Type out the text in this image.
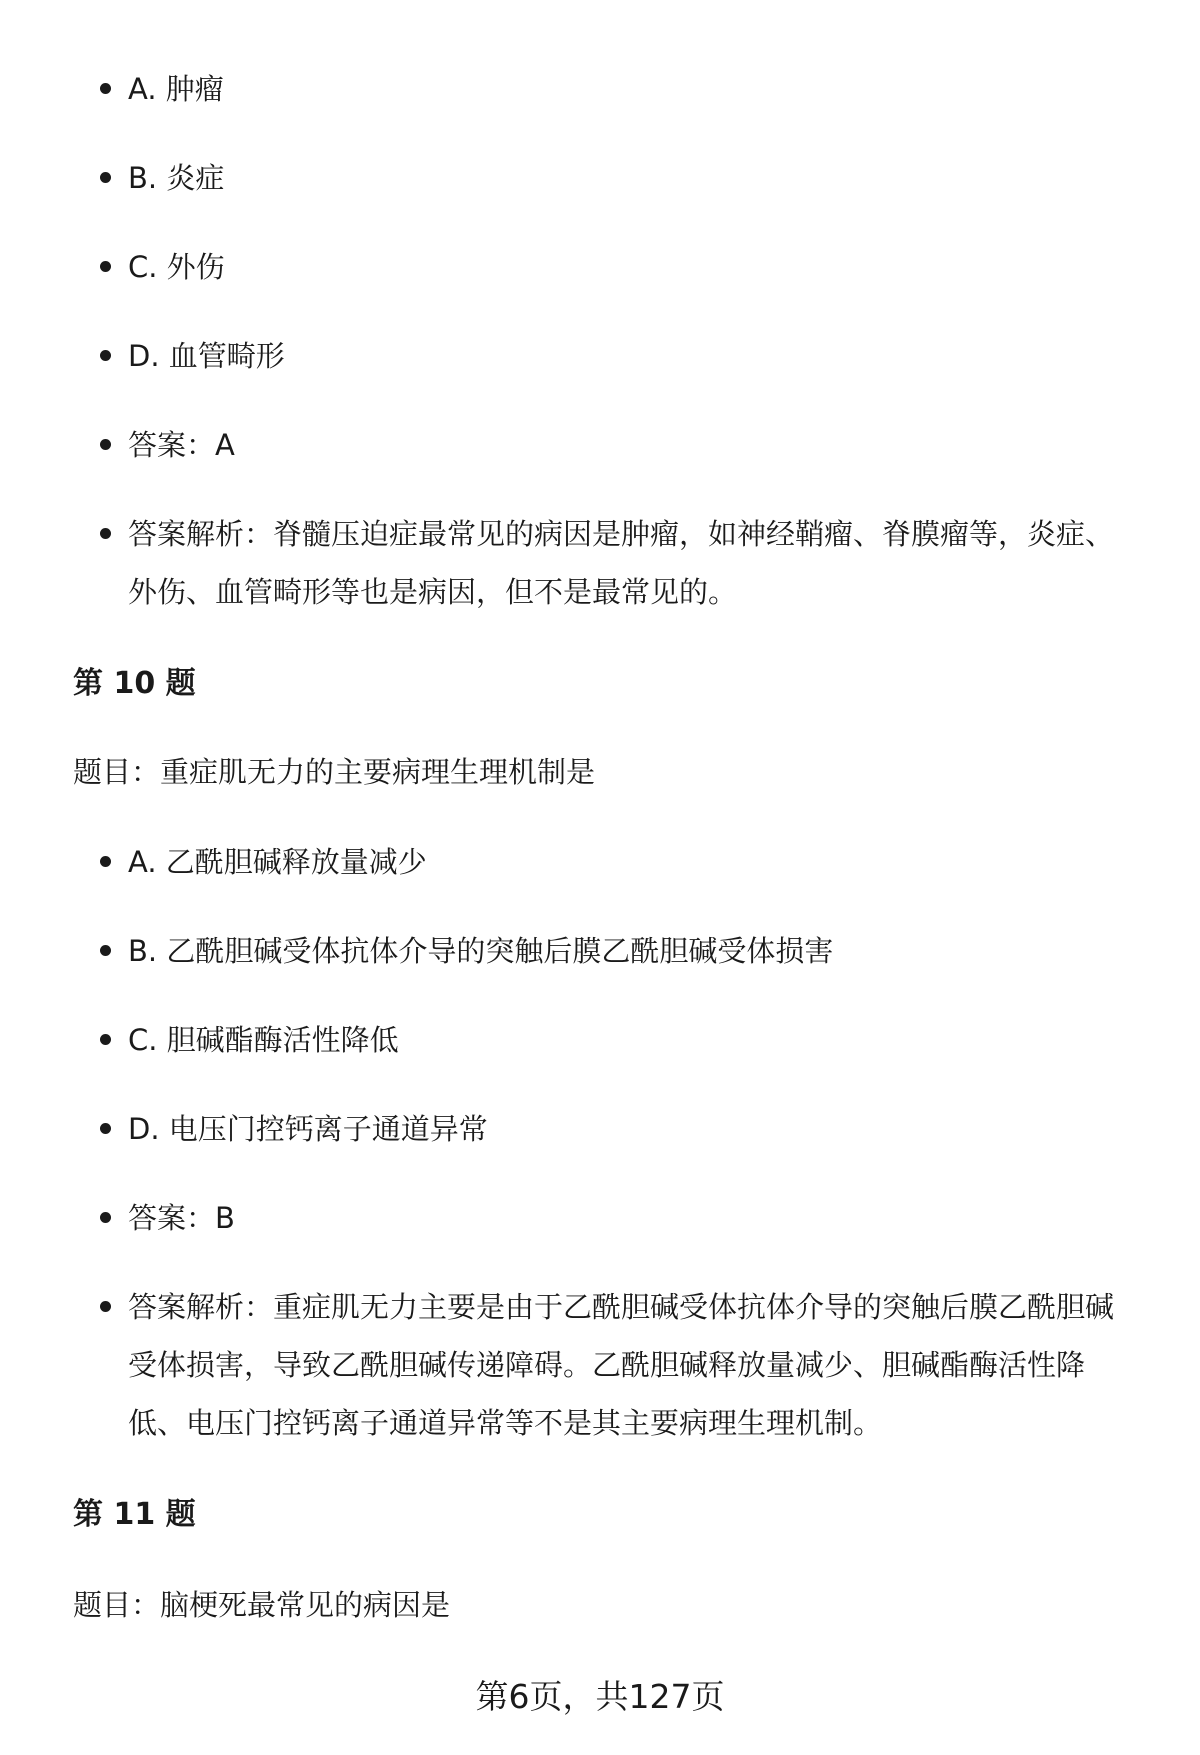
A. 肿瘤
B. 炎症
C. 外伤
D. 血管畸形
答案：A
答案解析：脊髓压迫症最常见的病因是肿瘤，如神经鞘瘤、脊膜瘤等，炎症、外伤、血管畸形等也是病因，但不是最常见的。
第 10 题
题目：重症肌无力的主要病理生理机制是
A. 乙酰胆碱释放量减少
B. 乙酰胆碱受体抗体介导的突触后膜乙酰胆碱受体损害
C. 胆碱酯酶活性降低
D. 电压门控钙离子通道异常
答案：B
答案解析：重症肌无力主要是由于乙酰胆碱受体抗体介导的突触后膜乙酰胆碱受体损害，导致乙酰胆碱传递障碍。乙酰胆碱释放量减少、胆碱酯酶活性降低、电压门控钙离子通道异常等不是其主要病理生理机制。
第 11 题
题目：脑梗死最常见的病因是
第6页，共127页
